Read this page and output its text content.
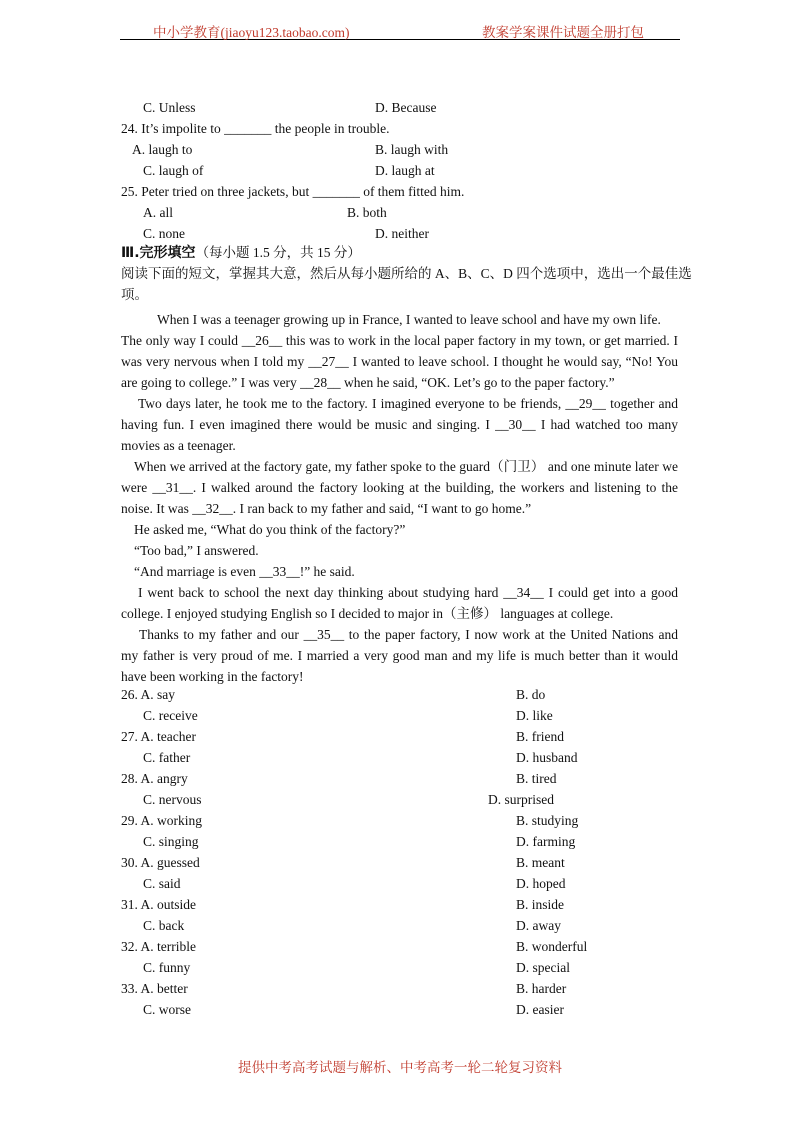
中小学教育(jiaoyu123.taobao.com)	教案学案课件试题全册打包
C. Unless	D. Because
24. It’s impolite to _______ the people in trouble.
A. laugh to	B. laugh with
C. laugh of	D. laugh at
25. Peter tried on three jackets, but _______ of them fitted him.
A. all	B. both
C. none	D. neither
Ⅲ.完形填空（每小题 1.5 分，共 15 分）
阅读下面的短文，掌握其大意，然后从每小题所给的 A、B、C、D 四个选项中，选出一个最佳选
项。
When I was a teenager growing up in France, I wanted to leave school and have my own life.
The only way I could __26__ this was to work in the local paper factory in my town, or get married. I
was very nervous when I told my __27__ I wanted to leave school. I thought he would say, “No! You
are going to college.” I was very __28__ when he said, “OK. Let’s go to the paper factory.”
Two days later, he took me to the factory. I imagined everyone to be friends, __29__ together and
having fun. I even imagined there would be music and singing. I __30__ I had watched too many
movies as a teenager.
When we arrived at the factory gate, my father spoke to the guard（门卫） and one minute later we
were __31__. I walked around the factory looking at the building, the workers and listening to the
noise. It was __32__. I ran back to my father and said, “I want to go home.”
He asked me, “What do you think of the factory?”
“Too bad,” I answered.
“And marriage is even __33__!” he said.
I went back to school the next day thinking about studying hard __34__ I could get into a good
college. I enjoyed studying English so I decided to major in（主修） languages at college.
Thanks to my father and our __35__ to the paper factory, I now work at the United Nations and
my father is very proud of me. I married a very good man and my life is much better than it would
have been working in the factory!
26. A. say	B. do
C. receive	D. like
27. A. teacher	B. friend
C. father	D. husband
28. A. angry	B. tired
C. nervous	D. surprised
29. A. working	B. studying
C. singing	D. farming
30. A. guessed	B. meant
C. said	D. hoped
31. A. outside	B. inside
C. back	D. away
32. A. terrible	B. wonderful
C. funny	D. special
33. A. better	B. harder
C. worse	D. easier
提供中考高考试题与解析、中考高考一轮二轮复习资料
